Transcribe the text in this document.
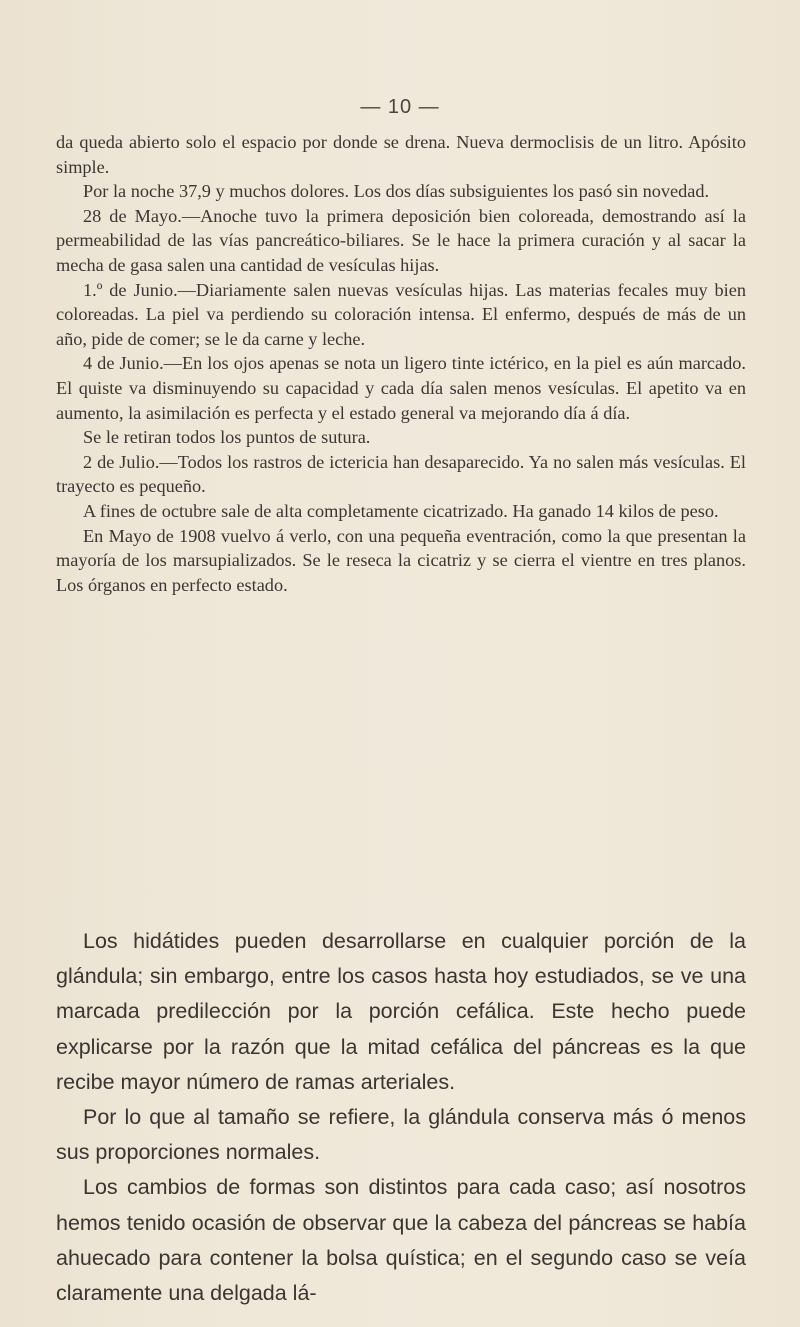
— 10 —

da queda abierto solo el espacio por donde se drena. Nueva dermoclisis de un litro. Apósito simple.

Por la noche 37,9 y muchos dolores. Los dos días subsiguientes los pasó sin novedad.

28 de Mayo.—Anoche tuvo la primera deposición bien coloreada, demostrando así la permeabilidad de las vías pancreático-biliares. Se le hace la primera curación y al sacar la mecha de gasa salen una cantidad de vesículas hijas.

1.º de Junio.—Diariamente salen nuevas vesículas hijas. Las materias fecales muy bien coloreadas. La piel va perdiendo su coloración intensa. El enfermo, después de más de un año, pide de comer; se le da carne y leche.

4 de Junio.—En los ojos apenas se nota un ligero tinte ictérico, en la piel es aún marcado. El quiste va disminuyendo su capacidad y cada día salen menos vesículas. El apetito va en aumento, la asimilación es perfecta y el estado general va mejorando día á día.

Se le retiran todos los puntos de sutura.

2 de Julio.—Todos los rastros de ictericia han desaparecido. Ya no salen más vesículas. El trayecto es pequeño.

A fines de octubre sale de alta completamente cicatrizado. Ha ganado 14 kilos de peso.

En Mayo de 1908 vuelvo á verlo, con una pequeña eventración, como la que presentan la mayoría de los marsupializados. Se le reseca la cicatriz y se cierra el vientre en tres planos. Los órganos en perfecto estado.

Los hidátides pueden desarrollarse en cualquier porción de la glándula; sin embargo, entre los casos hasta hoy estudiados, se ve una marcada predilección por la porción cefálica. Este hecho puede explicarse por la razón que la mitad cefálica del páncreas es la que recibe mayor número de ramas arteriales.

Por lo que al tamaño se refiere, la glándula conserva más ó menos sus proporciones normales.

Los cambios de formas son distintos para cada caso; así nosotros hemos tenido ocasión de observar que la cabeza del páncreas se había ahuecado para contener la bolsa quística; en el segundo caso se veía claramente una delgada lá-
